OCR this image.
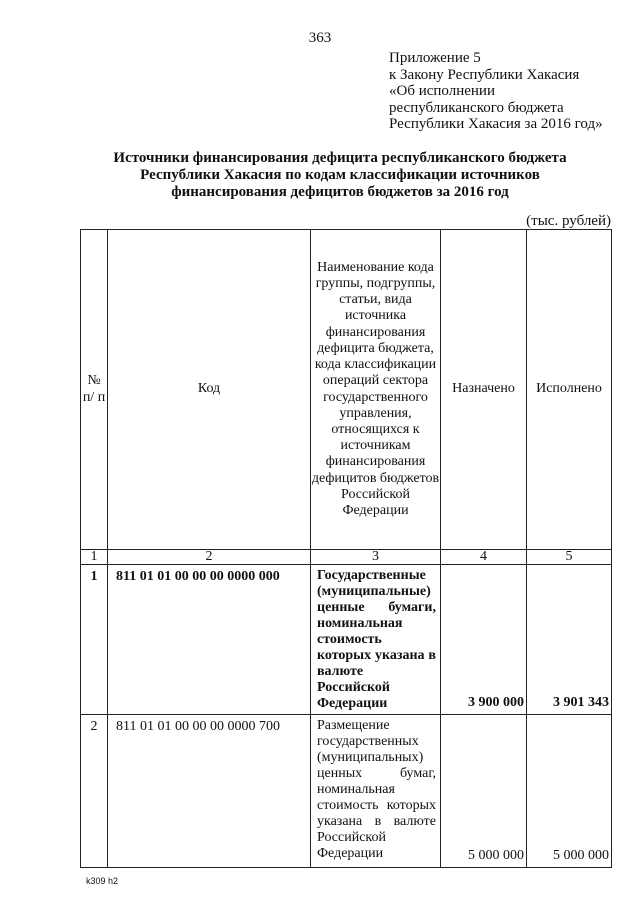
363
Приложение 5
к Закону Республики Хакасия
«Об исполнении
республиканского бюджета
Республики Хакасия за 2016 год»
Источники финансирования дефицита республиканского бюджета
Республики Хакасия по кодам классификации источников
финансирования дефицитов бюджетов за 2016 год
(тыс. рублей)
№ п/ п	Код	Наименование кода группы, подгруппы, статьи, вида источника финансирования дефицита бюджета, кода классификации операций сектора государственного управления, относящихся к источникам финансирования дефицитов бюджетов Российской Федерации	Назначено	Исполнено
1	2	3	4	5
1	811 01 01 00 00 00 0000 000	Государственные (муниципальные) ценные бумаги, номинальная стоимость которых указана в валюте Российской Федерации	3 900 000	3 901 343
2	811 01 01 00 00 00 0000 700	Размещение государственных (муниципальных) ценных бумаг, номинальная стоимость которых указана в валюте Российской Федерации	5 000 000	5 000 000
k309 h2
